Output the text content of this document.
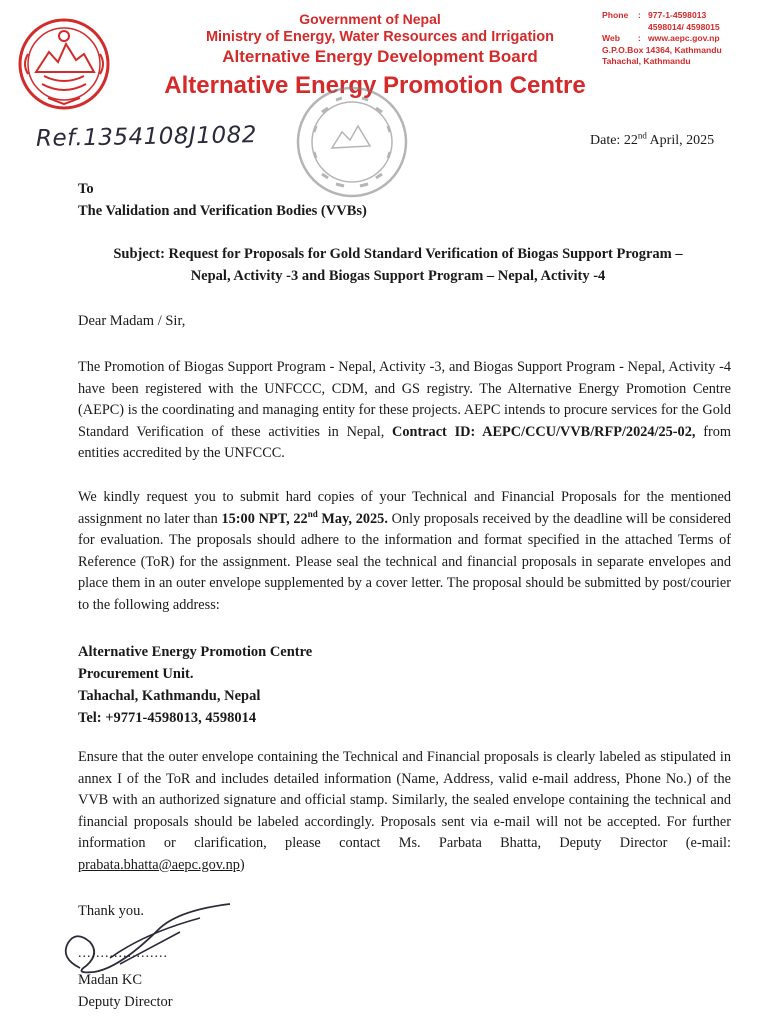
Government of Nepal
Ministry of Energy, Water Resources and Irrigation
Alternative Energy Development Board
Alternative Energy Promotion Centre
Phone	: 977-1-4598013
4598014/ 4598015
Web	: www.aepc.gov.np
G.P.O.Box 14364, Kathmandu
Tahachal, Kathmandu
Ref.1354108J1082	Date: 22nd April, 2025
To
The Validation and Verification Bodies (VVBs)
Subject: Request for Proposals for Gold Standard Verification of Biogas Support Program –
Nepal, Activity -3 and Biogas Support Program – Nepal, Activity -4
Dear Madam / Sir,
The Promotion of Biogas Support Program - Nepal, Activity -3, and Biogas Support Program - Nepal, Activity -4 have been registered with the UNFCCC, CDM, and GS registry. The Alternative Energy Promotion Centre (AEPC) is the coordinating and managing entity for these projects. AEPC intends to procure services for the Gold Standard Verification of these activities in Nepal, Contract ID: AEPC/CCU/VVB/RFP/2024/25-02, from entities accredited by the UNFCCC.
We kindly request you to submit hard copies of your Technical and Financial Proposals for the mentioned assignment no later than 15:00 NPT, 22nd May, 2025. Only proposals received by the deadline will be considered for evaluation. The proposals should adhere to the information and format specified in the attached Terms of Reference (ToR) for the assignment. Please seal the technical and financial proposals in separate envelopes and place them in an outer envelope supplemented by a cover letter. The proposal should be submitted by post/courier to the following address:
Alternative Energy Promotion Centre
Procurement Unit.
Tahachal, Kathmandu, Nepal
Tel: +9771-4598013, 4598014
Ensure that the outer envelope containing the Technical and Financial proposals is clearly labeled as stipulated in annex I of the ToR and includes detailed information (Name, Address, valid e-mail address, Phone No.) of the VVB with an authorized signature and official stamp. Similarly, the sealed envelope containing the technical and financial proposals should be labeled accordingly. Proposals sent via e-mail will not be accepted. For further information or clarification, please contact Ms. Parbata Bhatta, Deputy Director (e-mail: prabata.bhatta@aepc.gov.np)
Thank you.
....................
Madan KC
Deputy Director
